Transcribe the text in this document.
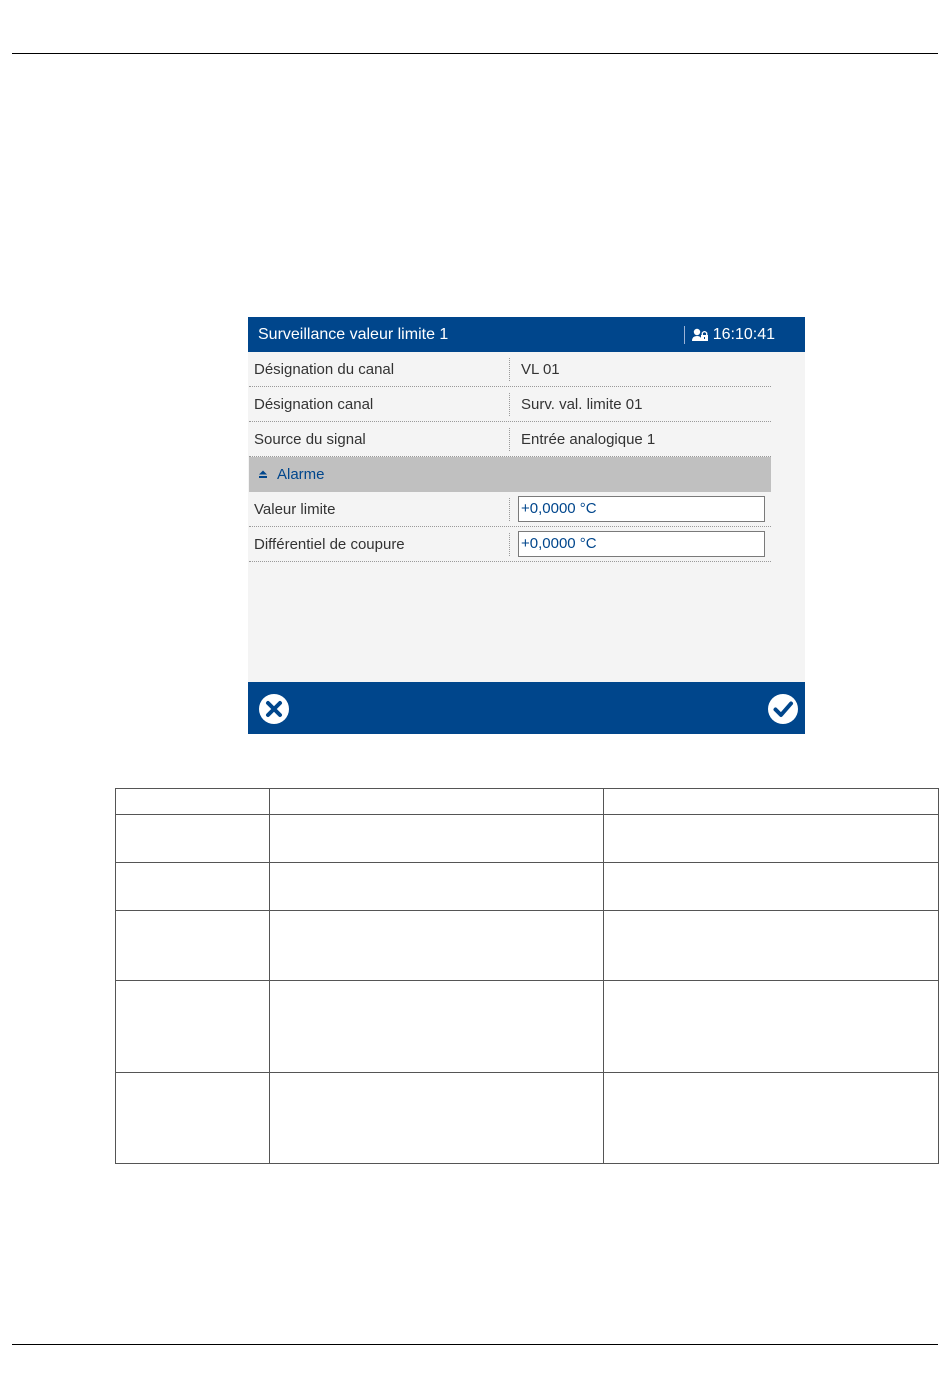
Surveillance valeur limite 1	16:10:41
Désignation du canal	VL 01
Désignation canal	Surv. val. limite 01
Source du signal	Entrée analogique 1
Alarme
Valeur limite	+0,0000 °C
Différentiel de coupure	+0,0000 °C
